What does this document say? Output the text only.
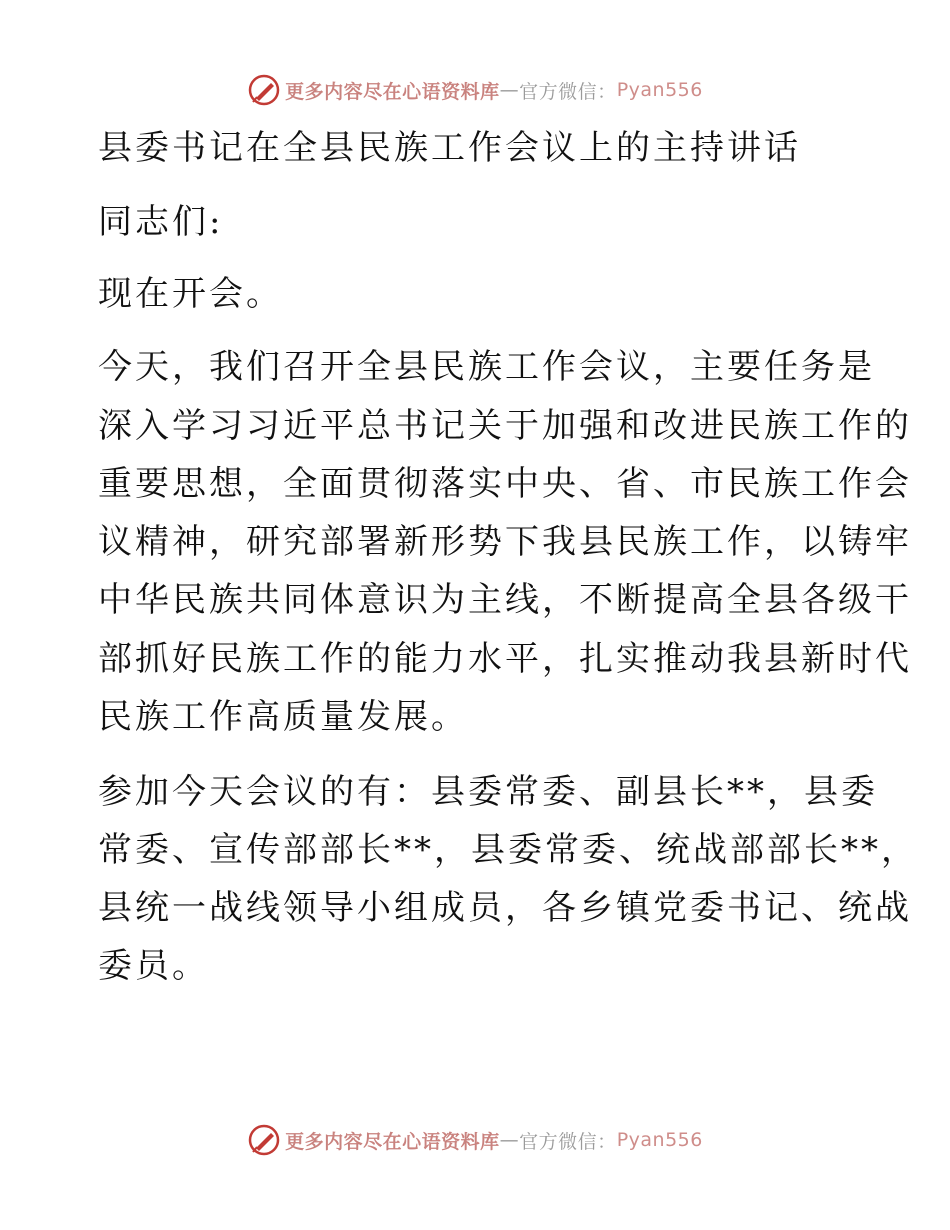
更多内容尽在心语资料库 — 官方微信： Pyan556
县委书记在全县民族工作会议上的主持讲话
同志们:
现在开会。
今天，我们召开全县民族工作会议，主要任务是
深入学习习近平总书记关于加强和改进民族工作的
重要思想，全面贯彻落实中央、省、市民族工作会
议精神，研究部署新形势下我县民族工作，以铸牢
中华民族共同体意识为主线，不断提高全县各级干
部抓好民族工作的能力水平，扎实推动我县新时代
民族工作高质量发展。
参加今天会议的有：县委常委、副县长**，县委
常委、宣传部部长**，县委常委、统战部部长**，
县统一战线领导小组成员，各乡镇党委书记、统战
委员。
更多内容尽在心语资料库 — 官方微信： Pyan556
